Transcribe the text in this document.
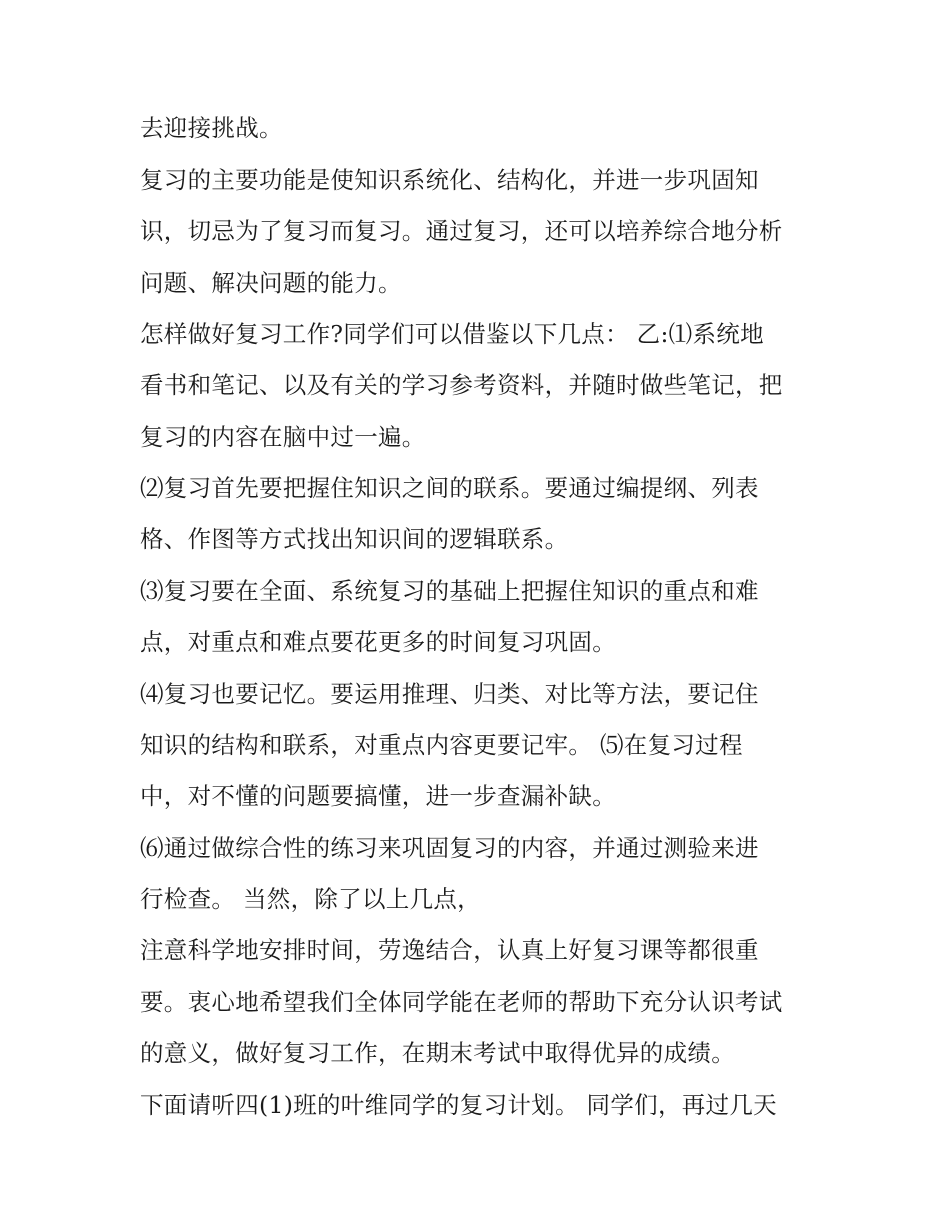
去迎接挑战。
复习的主要功能是使知识系统化、结构化，并进一步巩固知
识，切忌为了复习而复习。通过复习，还可以培养综合地分析
问题、解决问题的能力。
怎样做好复习工作?同学们可以借鉴以下几点： 乙:⑴系统地
看书和笔记、以及有关的学习参考资料，并随时做些笔记，把
复习的内容在脑中过一遍。
⑵复习首先要把握住知识之间的联系。要通过编提纲、列表
格、作图等方式找出知识间的逻辑联系。
⑶复习要在全面、系统复习的基础上把握住知识的重点和难
点，对重点和难点要花更多的时间复习巩固。
⑷复习也要记忆。要运用推理、归类、对比等方法，要记住
知识的结构和联系，对重点内容更要记牢。 ⑸在复习过程
中，对不懂的问题要搞懂，进一步查漏补缺。
⑹通过做综合性的练习来巩固复习的内容，并通过测验来进
行检查。 当然，除了以上几点，
注意科学地安排时间，劳逸结合，认真上好复习课等都很重
要。衷心地希望我们全体同学能在老师的帮助下充分认识考试
的意义，做好复习工作，在期末考试中取得优异的成绩。
下面请听四(1)班的叶维同学的复习计划。 同学们，再过几天
